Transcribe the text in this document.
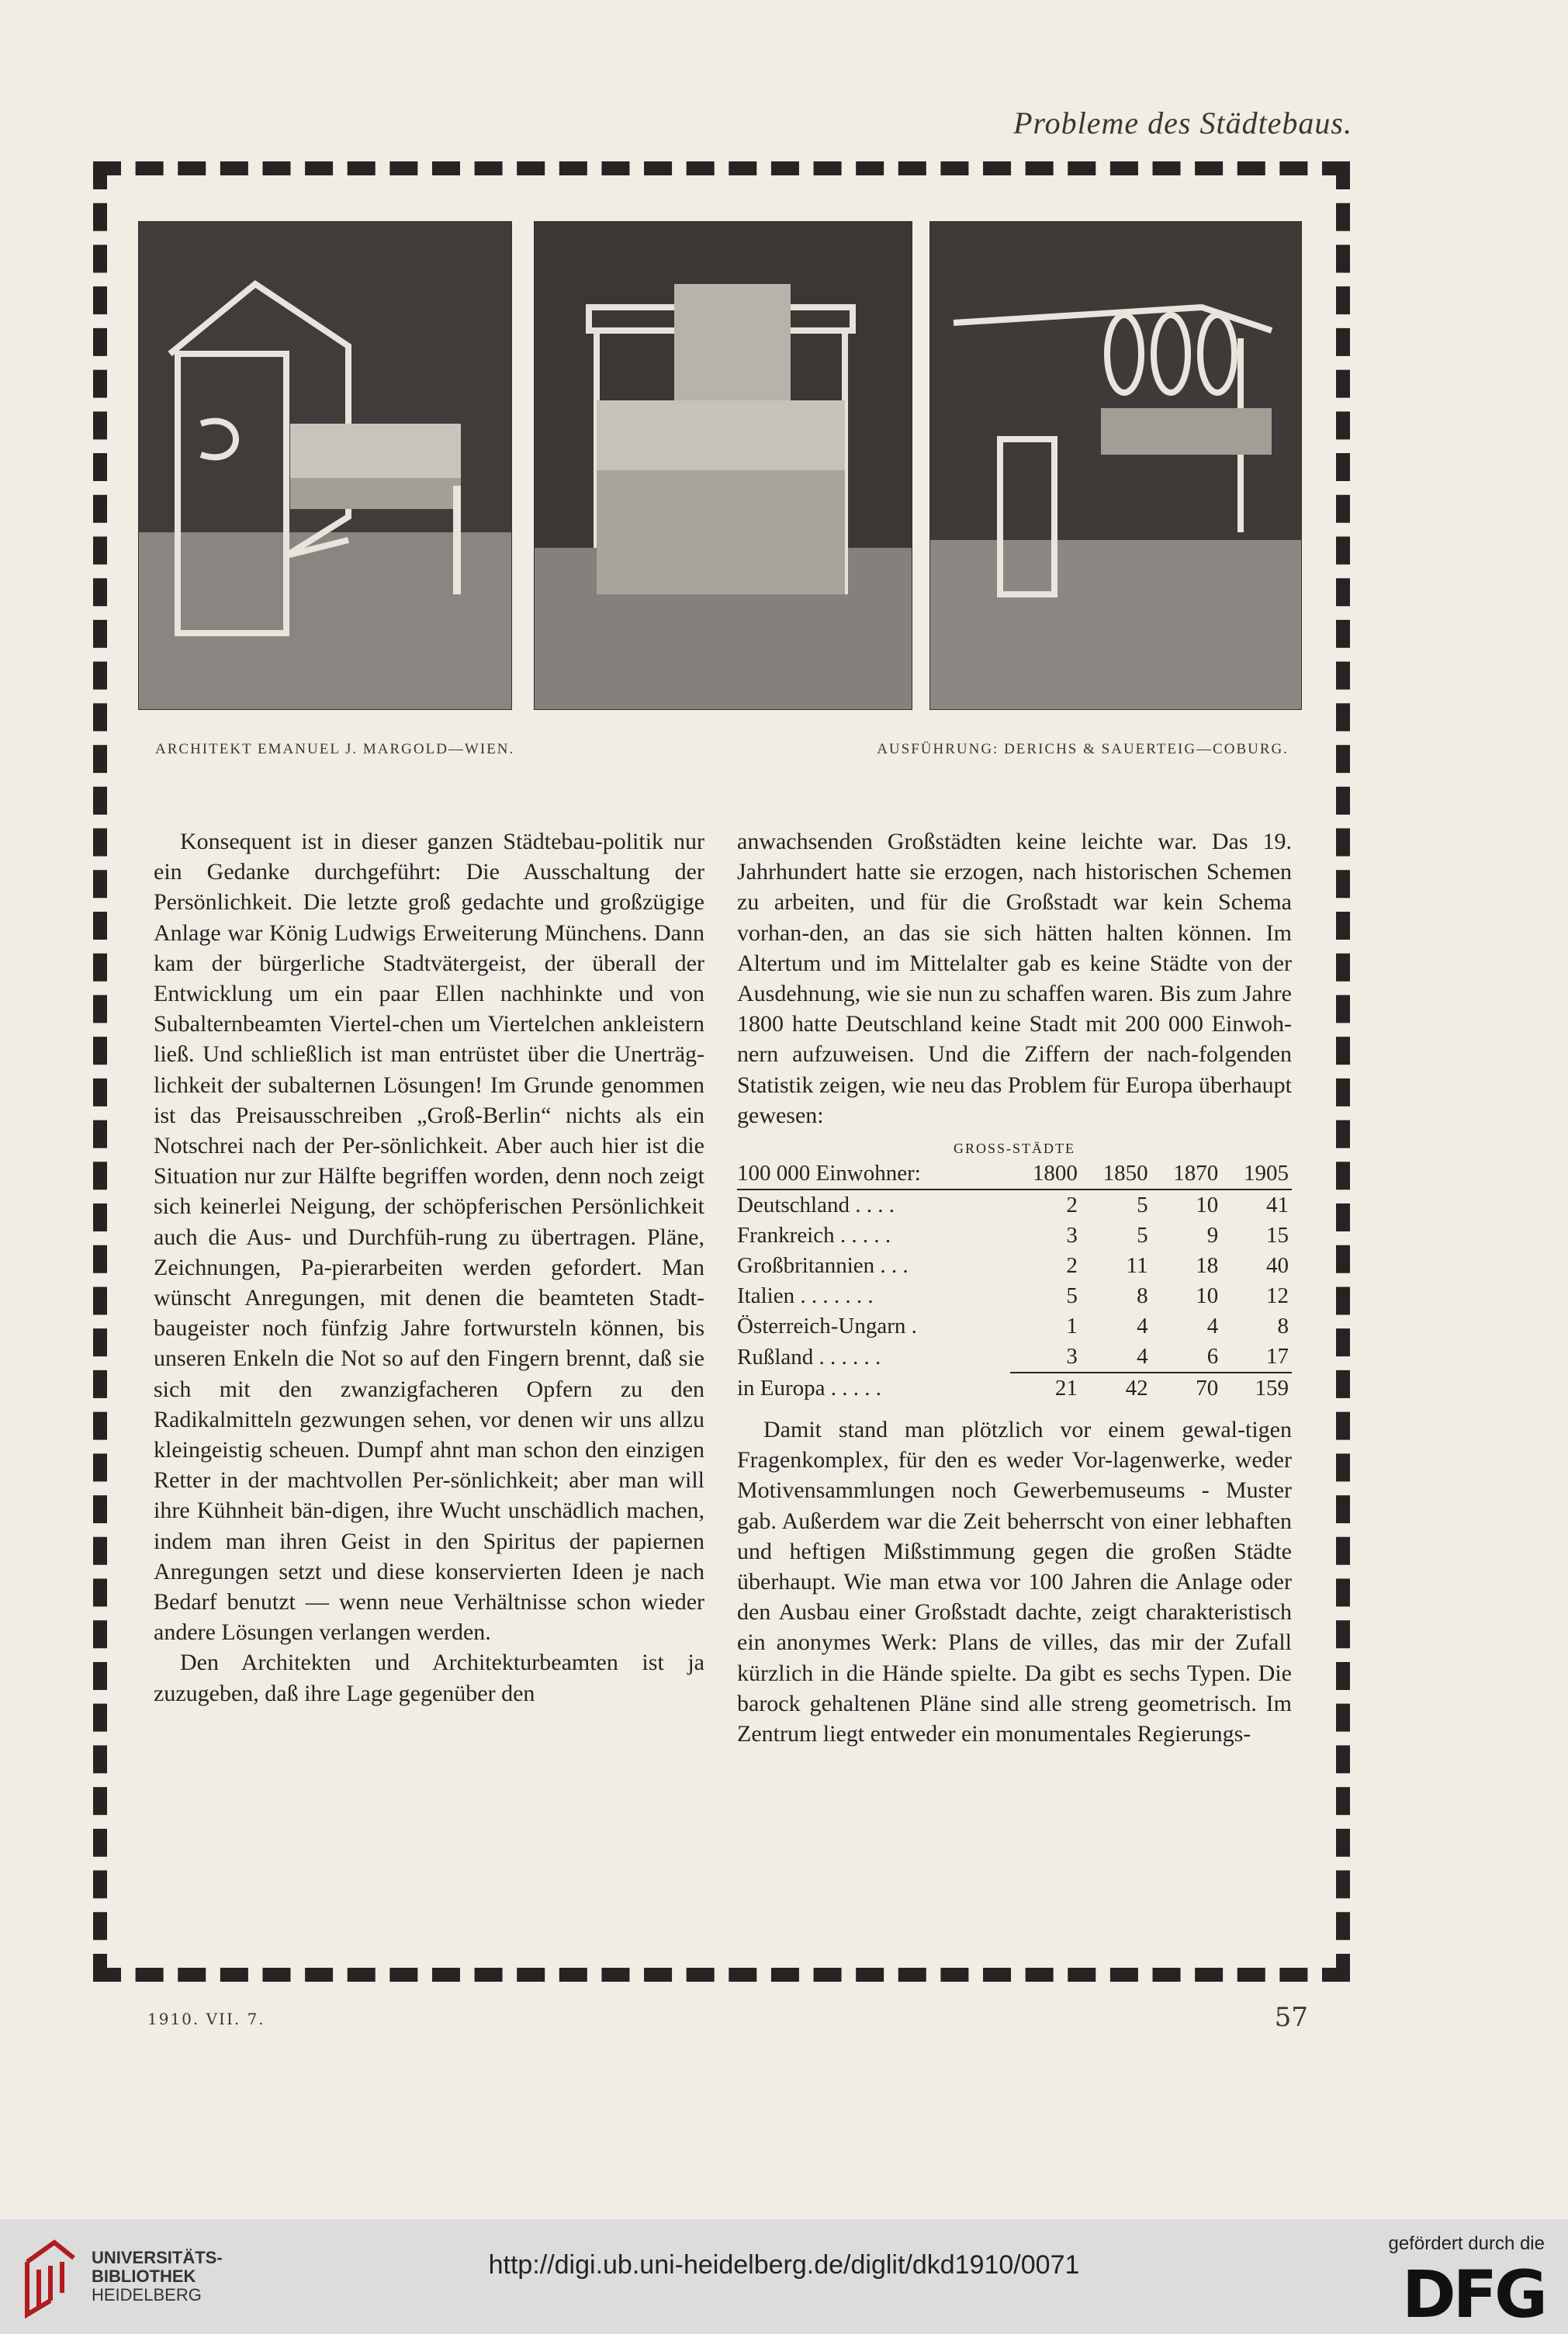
Probleme des Städtebaus.
ARCHITEKT EMANUEL J. MARGOLD—WIEN.	AUSFÜHRUNG: DERICHS & SAUERTEIG—COBURG.

Konsequent ist in dieser ganzen Städtebau-politik nur ein Gedanke durchgeführt: Die Ausschaltung der Persönlichkeit. Die letzte groß gedachte und großzügige Anlage war König Ludwigs Erweiterung Münchens. Dann kam der bürgerliche Stadtvätergeist, der überall der Entwicklung um ein paar Ellen nachhinkte und von Subalternbeamten Viertel-chen um Viertelchen ankleistern ließ. Und schließlich ist man entrüstet über die Unerträg-lichkeit der subalternen Lösungen! Im Grunde genommen ist das Preisausschreiben „Groß-Berlin“ nichts als ein Notschrei nach der Per-sönlichkeit. Aber auch hier ist die Situation nur zur Hälfte begriffen worden, denn noch zeigt sich keinerlei Neigung, der schöpferischen Persönlichkeit auch die Aus- und Durchfüh-rung zu übertragen. Pläne, Zeichnungen, Pa-pierarbeiten werden gefordert. Man wünscht Anregungen, mit denen die beamteten Stadt-baugeister noch fünfzig Jahre fortwursteln können, bis unseren Enkeln die Not so auf den Fingern brennt, daß sie sich mit den zwanzigfacheren Opfern zu den Radikalmitteln gezwungen sehen, vor denen wir uns allzu kleingeistig scheuen. Dumpf ahnt man schon den einzigen Retter in der machtvollen Per-sönlichkeit; aber man will ihre Kühnheit bän-digen, ihre Wucht unschädlich machen, indem man ihren Geist in den Spiritus der papiernen Anregungen setzt und diese konservierten Ideen je nach Bedarf benutzt — wenn neue Verhältnisse schon wieder andere Lösungen verlangen werden.

Den Architekten und Architekturbeamten ist ja zuzugeben, daß ihre Lage gegenüber den

anwachsenden Großstädten keine leichte war. Das 19. Jahrhundert hatte sie erzogen, nach historischen Schemen zu arbeiten, und für die Großstadt war kein Schema vorhan-den, an das sie sich hätten halten können. Im Altertum und im Mittelalter gab es keine Städte von der Ausdehnung, wie sie nun zu schaffen waren. Bis zum Jahre 1800 hatte Deutschland keine Stadt mit 200 000 Einwoh-nern aufzuweisen. Und die Ziffern der nach-folgenden Statistik zeigen, wie neu das Problem für Europa überhaupt gewesen:

GROSS-STÄDTE
100 000 Einwohner:	1800	1850	1870	1905
Deutschland . . . .	2	5	10	41
Frankreich . . . . .	3	5	9	15
Großbritannien . . .	2	11	18	40
Italien . . . . . . .	5	8	10	12
Österreich-Ungarn .	1	4	4	8
Rußland . . . . . .	3	4	6	17
in Europa . . . . .	21	42	70	159

Damit stand man plötzlich vor einem gewal-tigen Fragenkomplex, für den es weder Vor-lagenwerke, weder Motivensammlungen noch Gewerbemuseums - Muster gab. Außerdem war die Zeit beherrscht von einer lebhaften und heftigen Mißstimmung gegen die großen Städte überhaupt. Wie man etwa vor 100 Jahren die Anlage oder den Ausbau einer Großstadt dachte, zeigt charakteristisch ein anonymes Werk: Plans de villes, das mir der Zufall kürzlich in die Hände spielte. Da gibt es sechs Typen. Die barock gehaltenen Pläne sind alle streng geometrisch. Im Zentrum liegt entweder ein monumentales Regierungs-

1910. VII. 7.	57
UNIVERSITÄTS-
BIBLIOTHEK
HEIDELBERG
http://digi.ub.uni-heidelberg.de/diglit/dkd1910/0071
gefördert durch die
DFG
